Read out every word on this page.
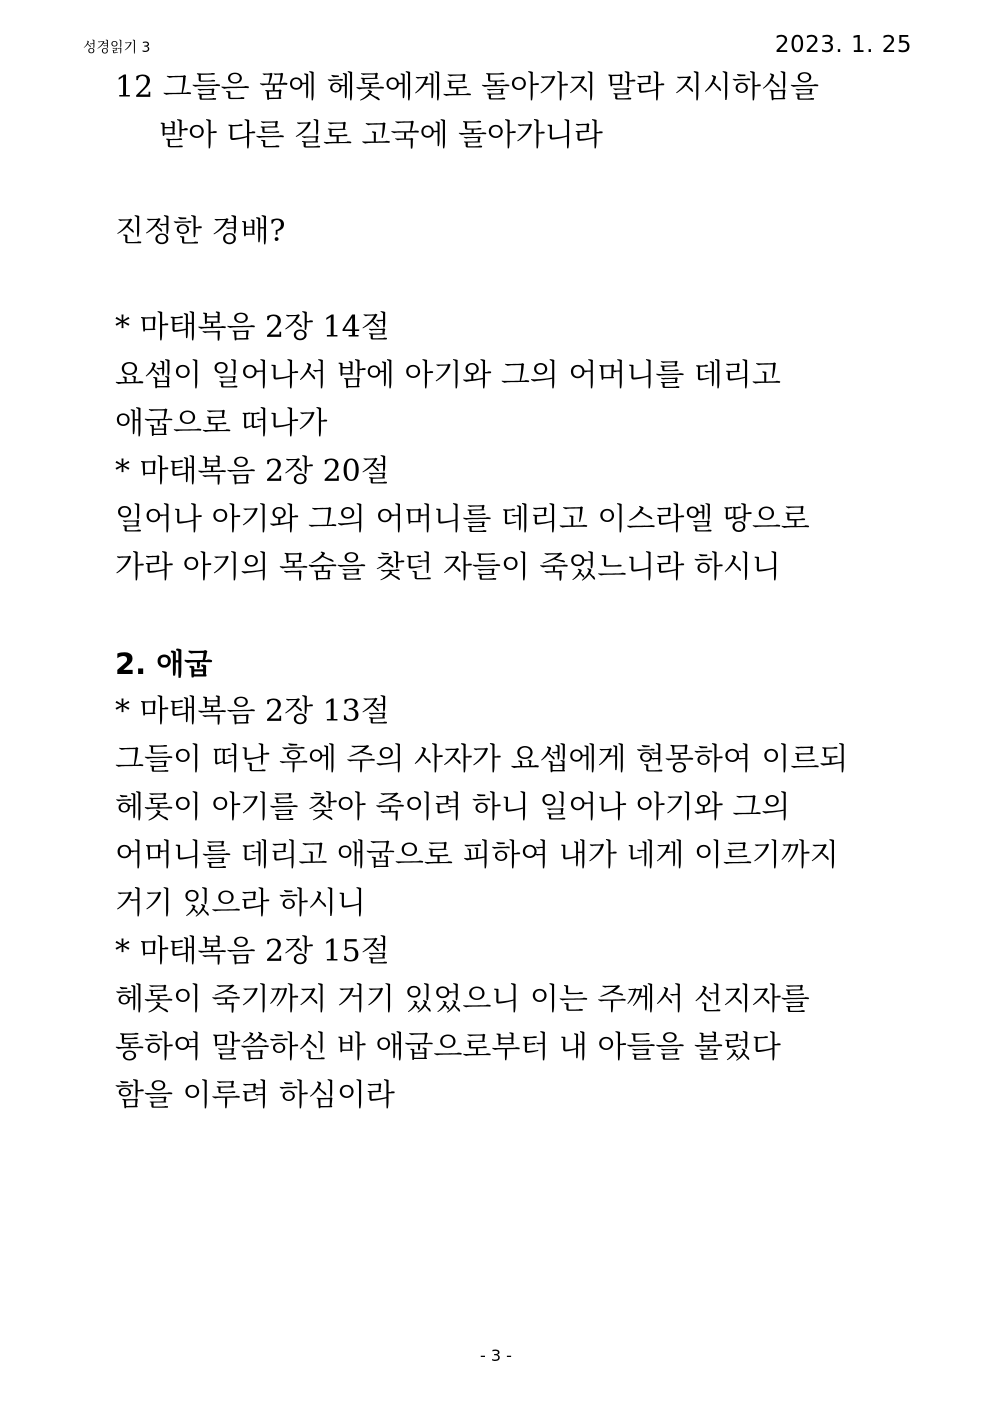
성경읽기 3	2023. 1. 25
12 그들은 꿈에 헤롯에게로 돌아가지 말라 지시하심을
받아 다른 길로 고국에 돌아가니라
진정한 경배?
* 마태복음 2장 14절
요셉이 일어나서 밤에 아기와 그의 어머니를 데리고
애굽으로 떠나가
* 마태복음 2장 20절
일어나 아기와 그의 어머니를 데리고 이스라엘 땅으로
가라 아기의 목숨을 찾던 자들이 죽었느니라 하시니
2. 애굽
* 마태복음 2장 13절
그들이 떠난 후에 주의 사자가 요셉에게 현몽하여 이르되
헤롯이 아기를 찾아 죽이려 하니 일어나 아기와 그의
어머니를 데리고 애굽으로 피하여 내가 네게 이르기까지
거기 있으라 하시니
* 마태복음 2장 15절
헤롯이 죽기까지 거기 있었으니 이는 주께서 선지자를
통하여 말씀하신 바 애굽으로부터 내 아들을 불렀다
함을 이루려 하심이라
- 3 -
